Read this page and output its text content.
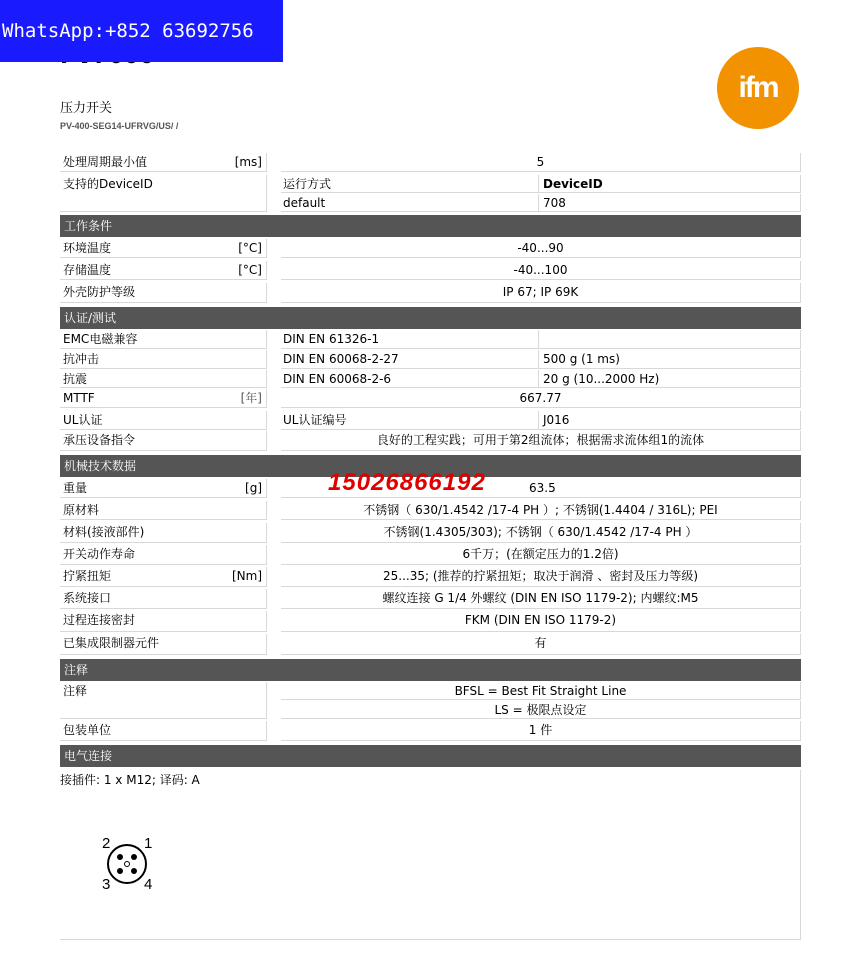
WhatsApp:+852 63692756
压力开关
PV-400-SEG14-UFRVG/US/ /
ifm
处理周期最小值	[ms]	5
支持的DeviceID	运行方式	DeviceID
default	708
工作条件
环境温度	[°C]	-40...90
存储温度	[°C]	-40...100
外壳防护等级	IP 67; IP 69K
认证/测试
EMC电磁兼容	DIN EN 61326-1
抗冲击	DIN EN 60068-2-27	500 g (1 ms)
抗震	DIN EN 60068-2-6	20 g (10...2000 Hz)
MTTF	[年]	667.77
UL认证	UL认证编号	J016
承压设备指令	良好的工程实践；可用于第2组流体；根据需求流体组1的流体
机械技术数据
重量	[g]	63.5
原材料	不锈钢（ 630/1.4542 /17-4 PH ）; 不锈钢(1.4404 / 316L); PEI
材料(接液部件)	不锈钢(1.4305/303); 不锈钢（ 630/1.4542 /17-4 PH ）
开关动作寿命	6千万；(在额定压力的1.2倍)
拧紧扭矩	[Nm]	25...35; (推荐的拧紧扭矩；取决于润滑 、密封及压力等级)
系统接口	螺纹连接 G 1/4 外螺纹 (DIN EN ISO 1179-2); 内螺纹:M5
过程连接密封	FKM (DIN EN ISO 1179-2)
已集成限制器元件	有
注释
注释	BFSL = Best Fit Straight Line
LS = 极限点设定
包装单位	1 件
电气连接
接插件: 1 x M12; 译码: A
2 1
3 4
15026866192
